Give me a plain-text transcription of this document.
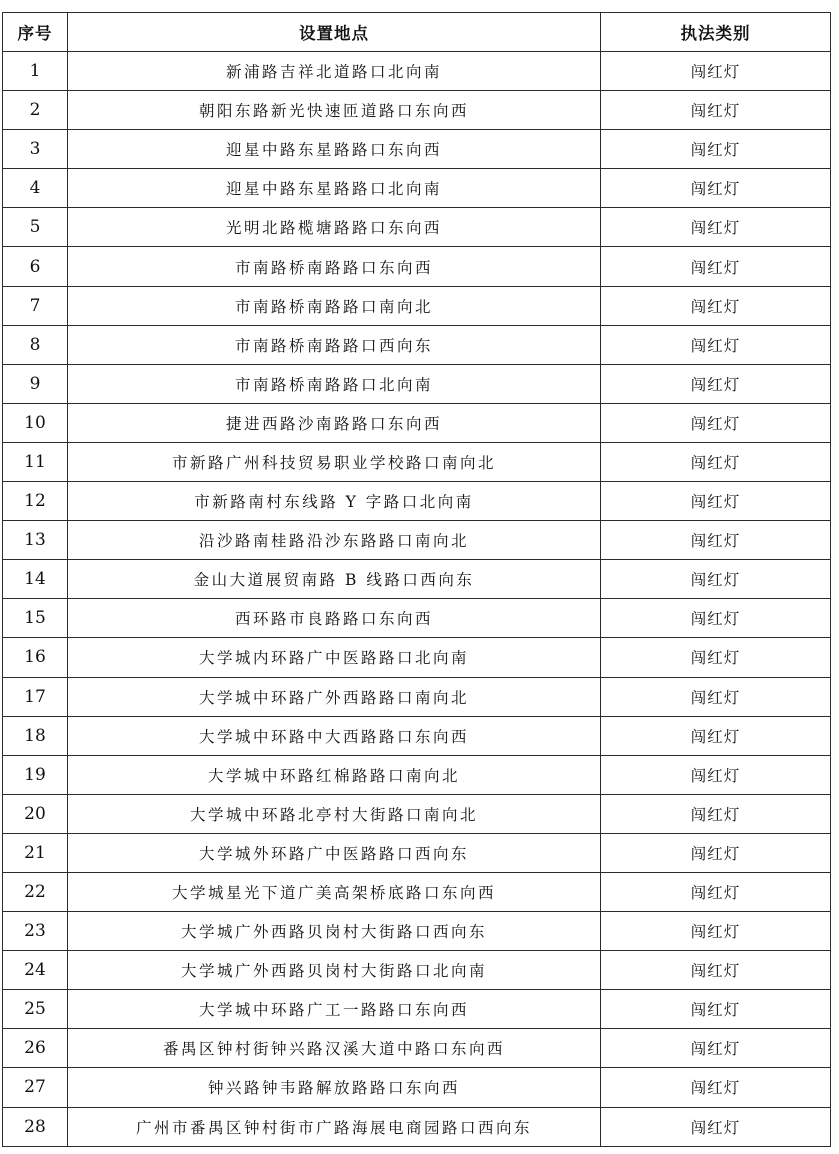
序号	设置地点	执法类别
1	新浦路吉祥北道路口北向南	闯红灯
2	朝阳东路新光快速匝道路口东向西	闯红灯
3	迎星中路东星路路口东向西	闯红灯
4	迎星中路东星路路口北向南	闯红灯
5	光明北路榄塘路路口东向西	闯红灯
6	市南路桥南路路口东向西	闯红灯
7	市南路桥南路路口南向北	闯红灯
8	市南路桥南路路口西向东	闯红灯
9	市南路桥南路路口北向南	闯红灯
10	捷进西路沙南路路口东向西	闯红灯
11	市新路广州科技贸易职业学校路口南向北	闯红灯
12	市新路南村东线路 Y 字路口北向南	闯红灯
13	沿沙路南桂路沿沙东路路口南向北	闯红灯
14	金山大道展贸南路 B 线路口西向东	闯红灯
15	西环路市良路路口东向西	闯红灯
16	大学城内环路广中医路路口北向南	闯红灯
17	大学城中环路广外西路路口南向北	闯红灯
18	大学城中环路中大西路路口东向西	闯红灯
19	大学城中环路红棉路路口南向北	闯红灯
20	大学城中环路北亭村大街路口南向北	闯红灯
21	大学城外环路广中医路路口西向东	闯红灯
22	大学城星光下道广美高架桥底路口东向西	闯红灯
23	大学城广外西路贝岗村大街路口西向东	闯红灯
24	大学城广外西路贝岗村大街路口北向南	闯红灯
25	大学城中环路广工一路路口东向西	闯红灯
26	番禺区钟村街钟兴路汉溪大道中路口东向西	闯红灯
27	钟兴路钟韦路解放路路口东向西	闯红灯
28	广州市番禺区钟村街市广路海展电商园路口西向东	闯红灯
